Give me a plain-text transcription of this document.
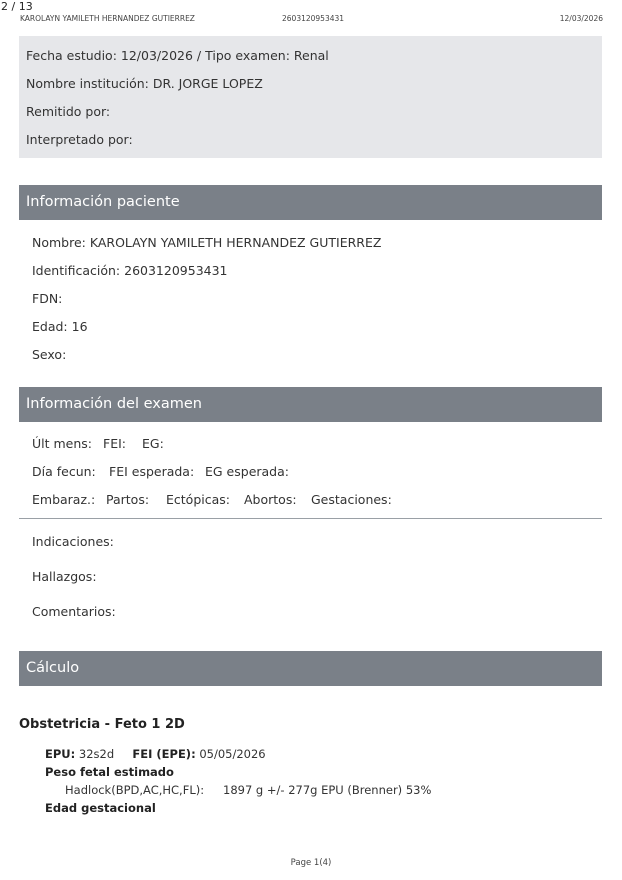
2 / 13
KAROLAYN YAMILETH HERNANDEZ GUTIERREZ	2603120953431	12/03/2026
Fecha estudio: 12/03/2026 / Tipo examen: Renal
Nombre institución: DR. JORGE LOPEZ
Remitido por:
Interpretado por:
Información paciente
Nombre: KAROLAYN YAMILETH HERNANDEZ GUTIERREZ
Identificación: 2603120953431
FDN:
Edad: 16
Sexo:
Información del examen
Últ mens: FEI: EG:
Día fecun: FEI esperada: EG esperada:
Embaraz.: Partos: Ectópicas: Abortos: Gestaciones:
Indicaciones:
Hallazgos:
Comentarios:
Cálculo
Obstetricia - Feto 1 2D
EPU: 32s2d FEI (EPE): 05/05/2026
Peso fetal estimado
Hadlock(BPD,AC,HC,FL): 1897 g +/- 277g EPU (Brenner) 53%
Edad gestacional
Page 1(4)
